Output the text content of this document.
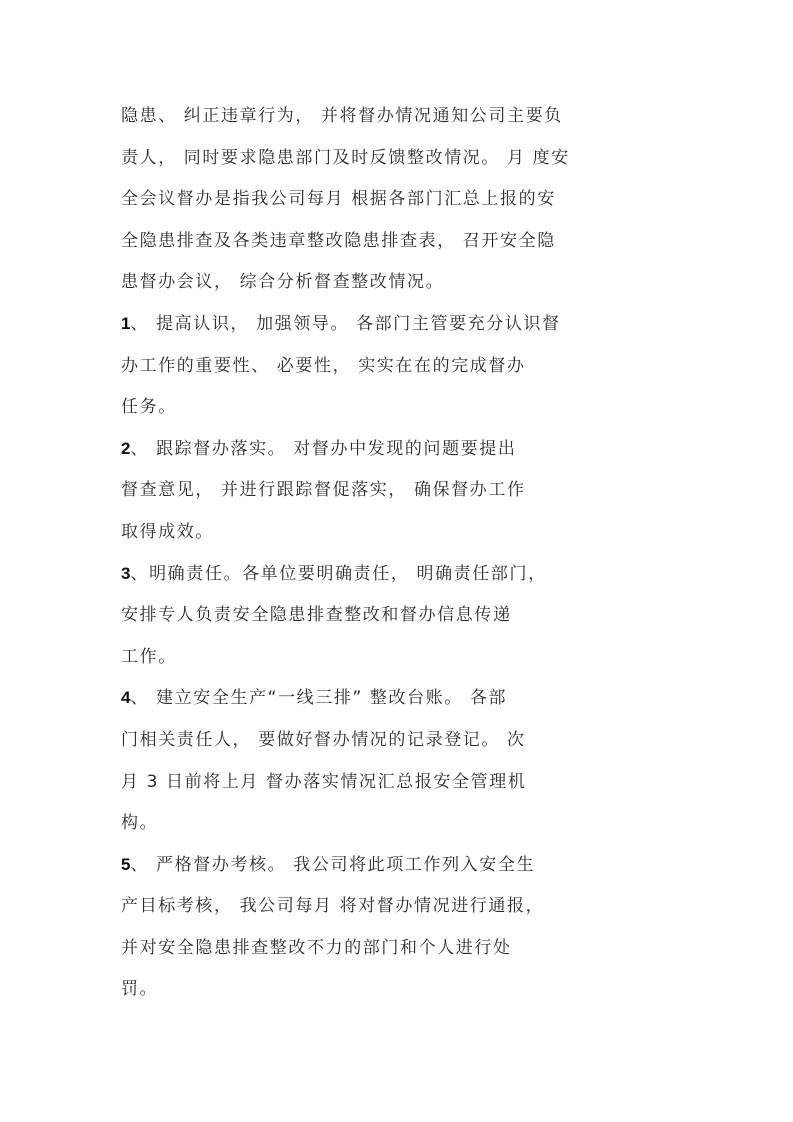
隐患、 纠正违章行为， 并将督办情况通知公司主要负
责人， 同时要求隐患部门及时反馈整改情况。 月 度安
全会议督办是指我公司每月 根据各部门汇总上报的安
全隐患排查及各类违章整改隐患排查表， 召开安全隐
患督办会议， 综合分析督查整改情况。
1、 提高认识， 加强领导。 各部门主管要充分认识督
办工作的重要性、 必要性， 实实在在的完成督办
任务。
2、 跟踪督办落实。 对督办中发现的问题要提出
督查意见， 并进行跟踪督促落实， 确保督办工作
取得成效。
3、明确责任。各单位要明确责任， 明确责任部门，
安排专人负责安全隐患排查整改和督办信息传递
工作。
4、 建立安全生产“一线三排” 整改台账。 各部
门相关责任人， 要做好督办情况的记录登记。 次
月 3 日前将上月 督办落实情况汇总报安全管理机
构。
5、 严格督办考核。 我公司将此项工作列入安全生
产目标考核， 我公司每月 将对督办情况进行通报，
并对安全隐患排查整改不力的部门和个人进行处
罚。
